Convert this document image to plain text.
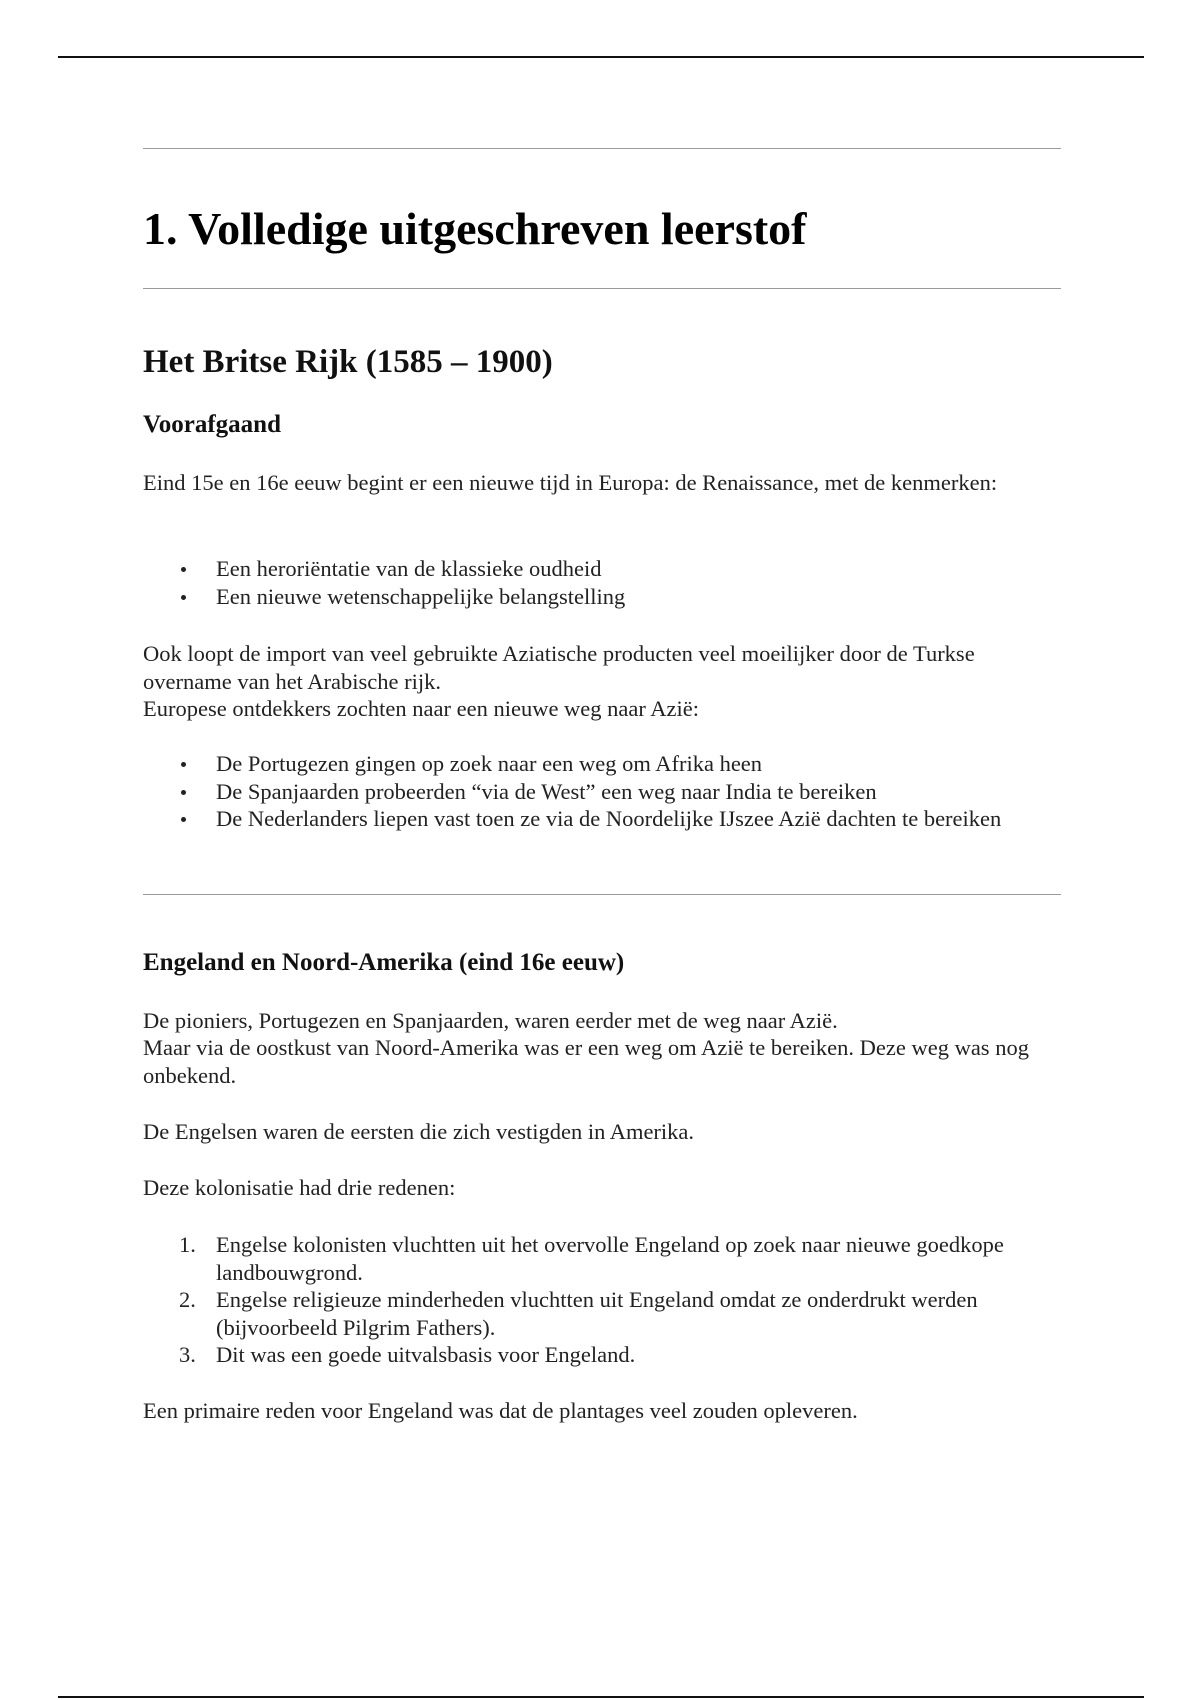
1. Volledige uitgeschreven leerstof
Het Britse Rijk (1585 – 1900)
Voorafgaand

Eind 15e en 16e eeuw begint er een nieuwe tijd in Europa: de Renaissance, met de kenmerken:

Een heroriëntatie van de klassieke oudheid
Een nieuwe wetenschappelijke belangstelling

Ook loopt de import van veel gebruikte Aziatische producten veel moeilijker door de Turkse overname van het Arabische rijk.

Europese ontdekkers zochten naar een nieuwe weg naar Azië:

De Portugezen gingen op zoek naar een weg om Afrika heen
De Spanjaarden probeerden “via de West” een weg naar India te bereiken
De Nederlanders liepen vast toen ze via de Noordelijke IJszee Azië dachten te bereiken
Engeland en Noord-Amerika (eind 16e eeuw)

De pioniers, Portugezen en Spanjaarden, waren eerder met de weg naar Azië.

Maar via de oostkust van Noord-Amerika was er een weg om Azië te bereiken. Deze weg was nog onbekend.

De Engelsen waren de eersten die zich vestigden in Amerika.

Deze kolonisatie had drie redenen:

1. Engelse kolonisten vluchtten uit het overvolle Engeland op zoek naar nieuwe goedkope landbouwgrond.
2. Engelse religieuze minderheden vluchtten uit Engeland omdat ze onderdrukt werden (bijvoorbeeld Pilgrim Fathers).
3. Dit was een goede uitvalsbasis voor Engeland.

Een primaire reden voor Engeland was dat de plantages veel zouden opleveren.
